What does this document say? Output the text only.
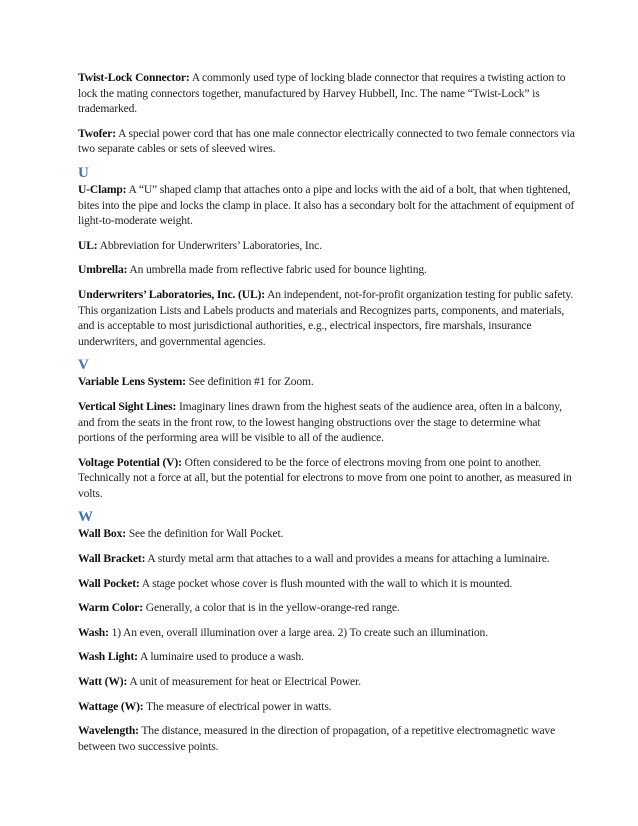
Twist-Lock Connector: A commonly used type of locking blade connector that requires a twisting action to lock the mating connectors together, manufactured by Harvey Hubbell, Inc. The name “Twist-Lock” is trademarked.
Twofer: A special power cord that has one male connector electrically connected to two female connectors via two separate cables or sets of sleeved wires.
U
U-Clamp: A “U” shaped clamp that attaches onto a pipe and locks with the aid of a bolt, that when tightened, bites into the pipe and locks the clamp in place. It also has a secondary bolt for the attachment of equipment of light-to-moderate weight.
UL: Abbreviation for Underwriters’ Laboratories, Inc.
Umbrella: An umbrella made from reflective fabric used for bounce lighting.
Underwriters’ Laboratories, Inc. (UL): An independent, not-for-profit organization testing for public safety. This organization Lists and Labels products and materials and Recognizes parts, components, and materials, and is acceptable to most jurisdictional authorities, e.g., electrical inspectors, fire marshals, insurance underwriters, and governmental agencies.
V
Variable Lens System: See definition #1 for Zoom.
Vertical Sight Lines: Imaginary lines drawn from the highest seats of the audience area, often in a balcony, and from the seats in the front row, to the lowest hanging obstructions over the stage to determine what portions of the performing area will be visible to all of the audience.
Voltage Potential (V): Often considered to be the force of electrons moving from one point to another. Technically not a force at all, but the potential for electrons to move from one point to another, as measured in volts.
W
Wall Box: See the definition for Wall Pocket.
Wall Bracket: A sturdy metal arm that attaches to a wall and provides a means for attaching a luminaire.
Wall Pocket: A stage pocket whose cover is flush mounted with the wall to which it is mounted.
Warm Color: Generally, a color that is in the yellow-orange-red range.
Wash: 1) An even, overall illumination over a large area. 2) To create such an illumination.
Wash Light: A luminaire used to produce a wash.
Watt (W): A unit of measurement for heat or Electrical Power.
Wattage (W): The measure of electrical power in watts.
Wavelength: The distance, measured in the direction of propagation, of a repetitive electromagnetic wave between two successive points.
